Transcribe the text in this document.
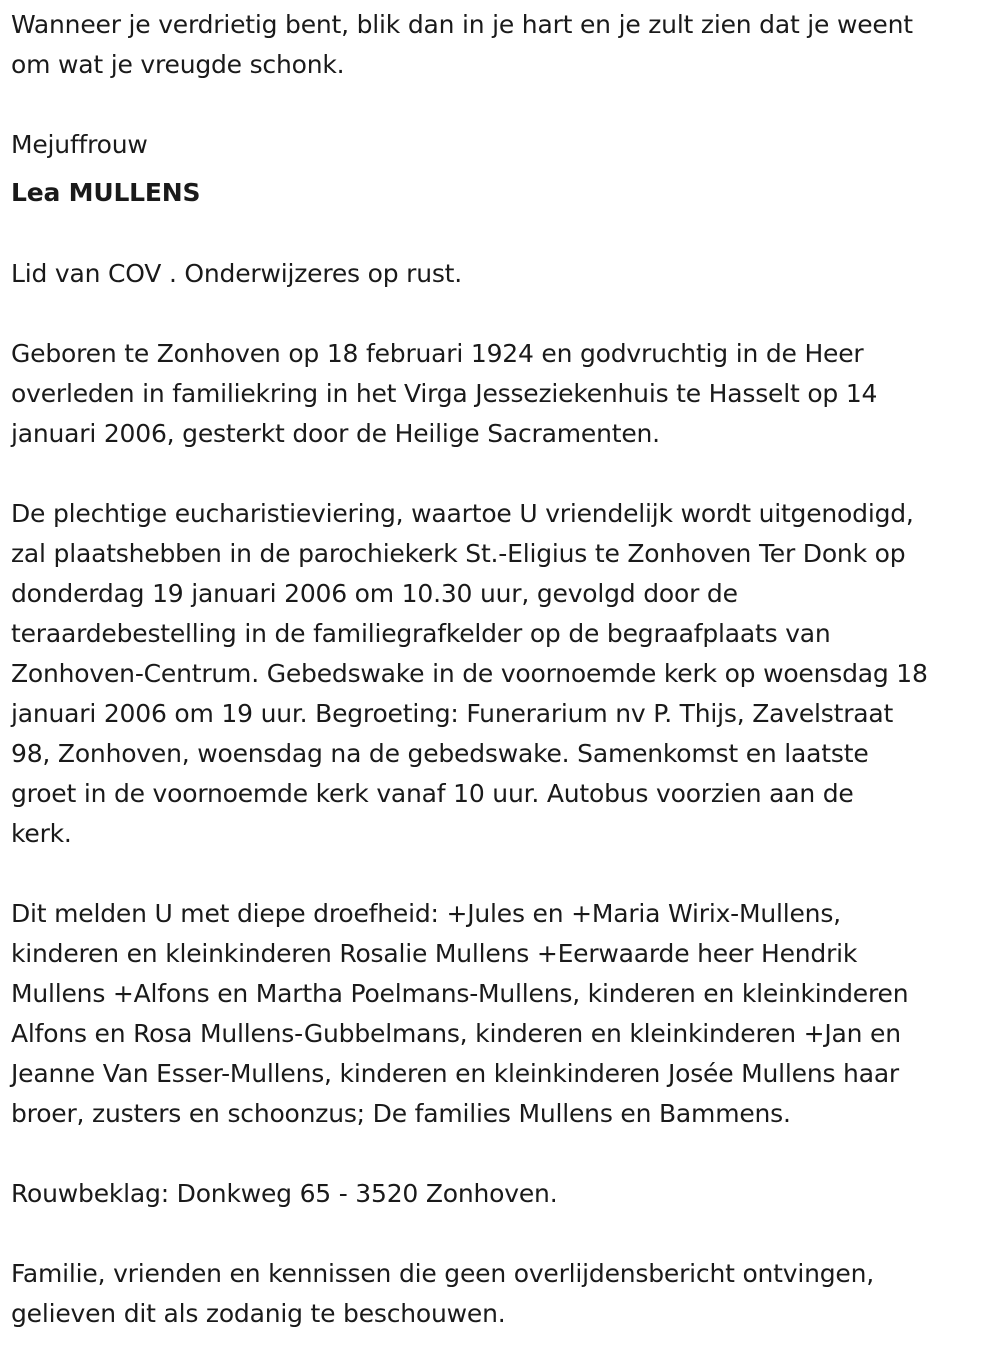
Wanneer je verdrietig bent, blik dan in je hart en je zult zien dat je weent
om wat je vreugde schonk.
Mejuffrouw
Lea MULLENS
Lid van COV . Onderwijzeres op rust.
Geboren te Zonhoven op 18 februari 1924 en godvruchtig in de Heer
overleden in familiekring in het Virga Jesseziekenhuis te Hasselt op 14
januari 2006, gesterkt door de Heilige Sacramenten.
De plechtige eucharistieviering, waartoe U vriendelijk wordt uitgenodigd,
zal plaatshebben in de parochiekerk St.-Eligius te Zonhoven Ter Donk op
donderdag 19 januari 2006 om 10.30 uur, gevolgd door de
teraardebestelling in de familiegrafkelder op de begraafplaats van
Zonhoven-Centrum. Gebedswake in de voornoemde kerk op woensdag 18
januari 2006 om 19 uur. Begroeting: Funerarium nv P. Thijs, Zavelstraat
98, Zonhoven, woensdag na de gebedswake. Samenkomst en laatste
groet in de voornoemde kerk vanaf 10 uur. Autobus voorzien aan de
kerk.
Dit melden U met diepe droefheid: +Jules en +Maria Wirix-Mullens,
kinderen en kleinkinderen Rosalie Mullens +Eerwaarde heer Hendrik
Mullens +Alfons en Martha Poelmans-Mullens, kinderen en kleinkinderen
Alfons en Rosa Mullens-Gubbelmans, kinderen en kleinkinderen +Jan en
Jeanne Van Esser-Mullens, kinderen en kleinkinderen Josée Mullens haar
broer, zusters en schoonzus; De families Mullens en Bammens.
Rouwbeklag: Donkweg 65 - 3520 Zonhoven.
Familie, vrienden en kennissen die geen overlijdensbericht ontvingen,
gelieven dit als zodanig te beschouwen.
